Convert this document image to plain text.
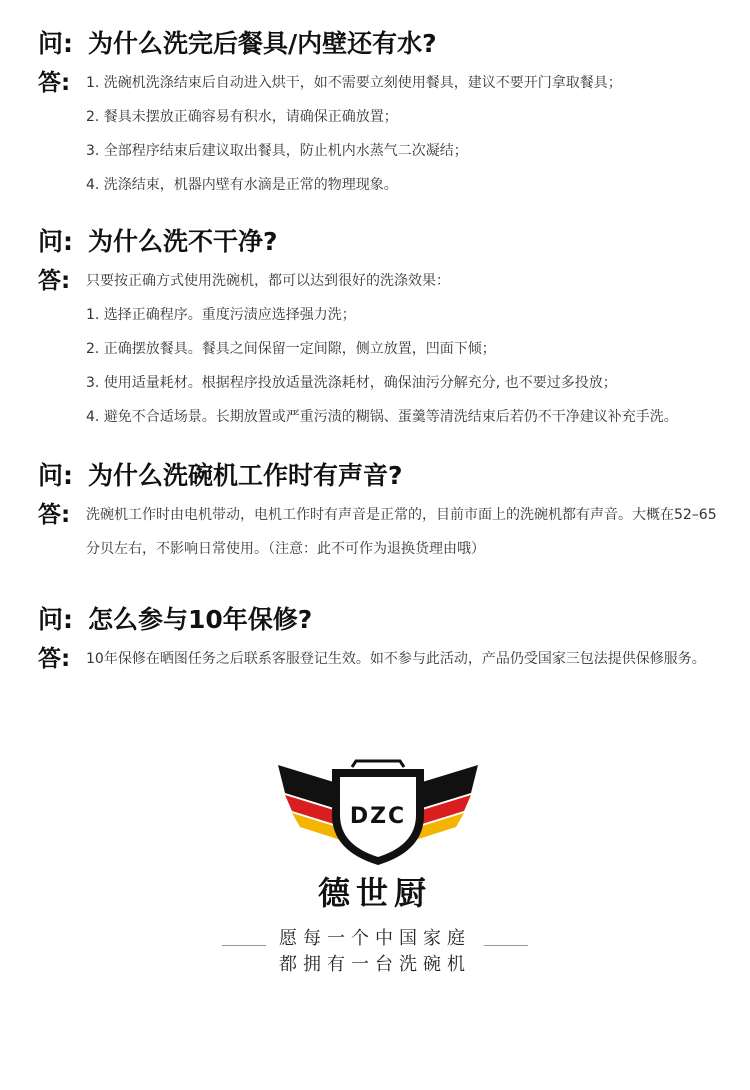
问: 为什么洗完后餐具/内壁还有水?
答:	1. 洗碗机洗涤结束后自动进入烘干，如不需要立刻使用餐具，建议不要开门拿取餐具；
2. 餐具未摆放正确容易有积水，请确保正确放置；
3. 全部程序结束后建议取出餐具，防止机内水蒸气二次凝结；
4. 洗涤结束，机器内壁有水滴是正常的物理现象。
问: 为什么洗不干净?
答:	只要按正确方式使用洗碗机，都可以达到很好的洗涤效果：
1. 选择正确程序。重度污渍应选择强力洗；
2. 正确摆放餐具。餐具之间保留一定间隙，侧立放置，凹面下倾；
3. 使用适量耗材。根据程序投放适量洗涤耗材，确保油污分解充分, 也不要过多投放；
4. 避免不合适场景。长期放置或严重污渍的糊锅、蛋羹等清洗结束后若仍不干净建议补充手洗。
问: 为什么洗碗机工作时有声音?
答:	洗碗机工作时由电机带动，电机工作时有声音是正常的，目前市面上的洗碗机都有声音。大概在52–65分贝左右，不影响日常使用。（注意：此不可作为退换货理由哦）
问: 怎么参与10年保修?
答:	10年保修在晒图任务之后联系客服登记生效。如不参与此活动，产品仍受国家三包法提供保修服务。
DZC
德世厨
愿每一个中国家庭
都拥有一台洗碗机
